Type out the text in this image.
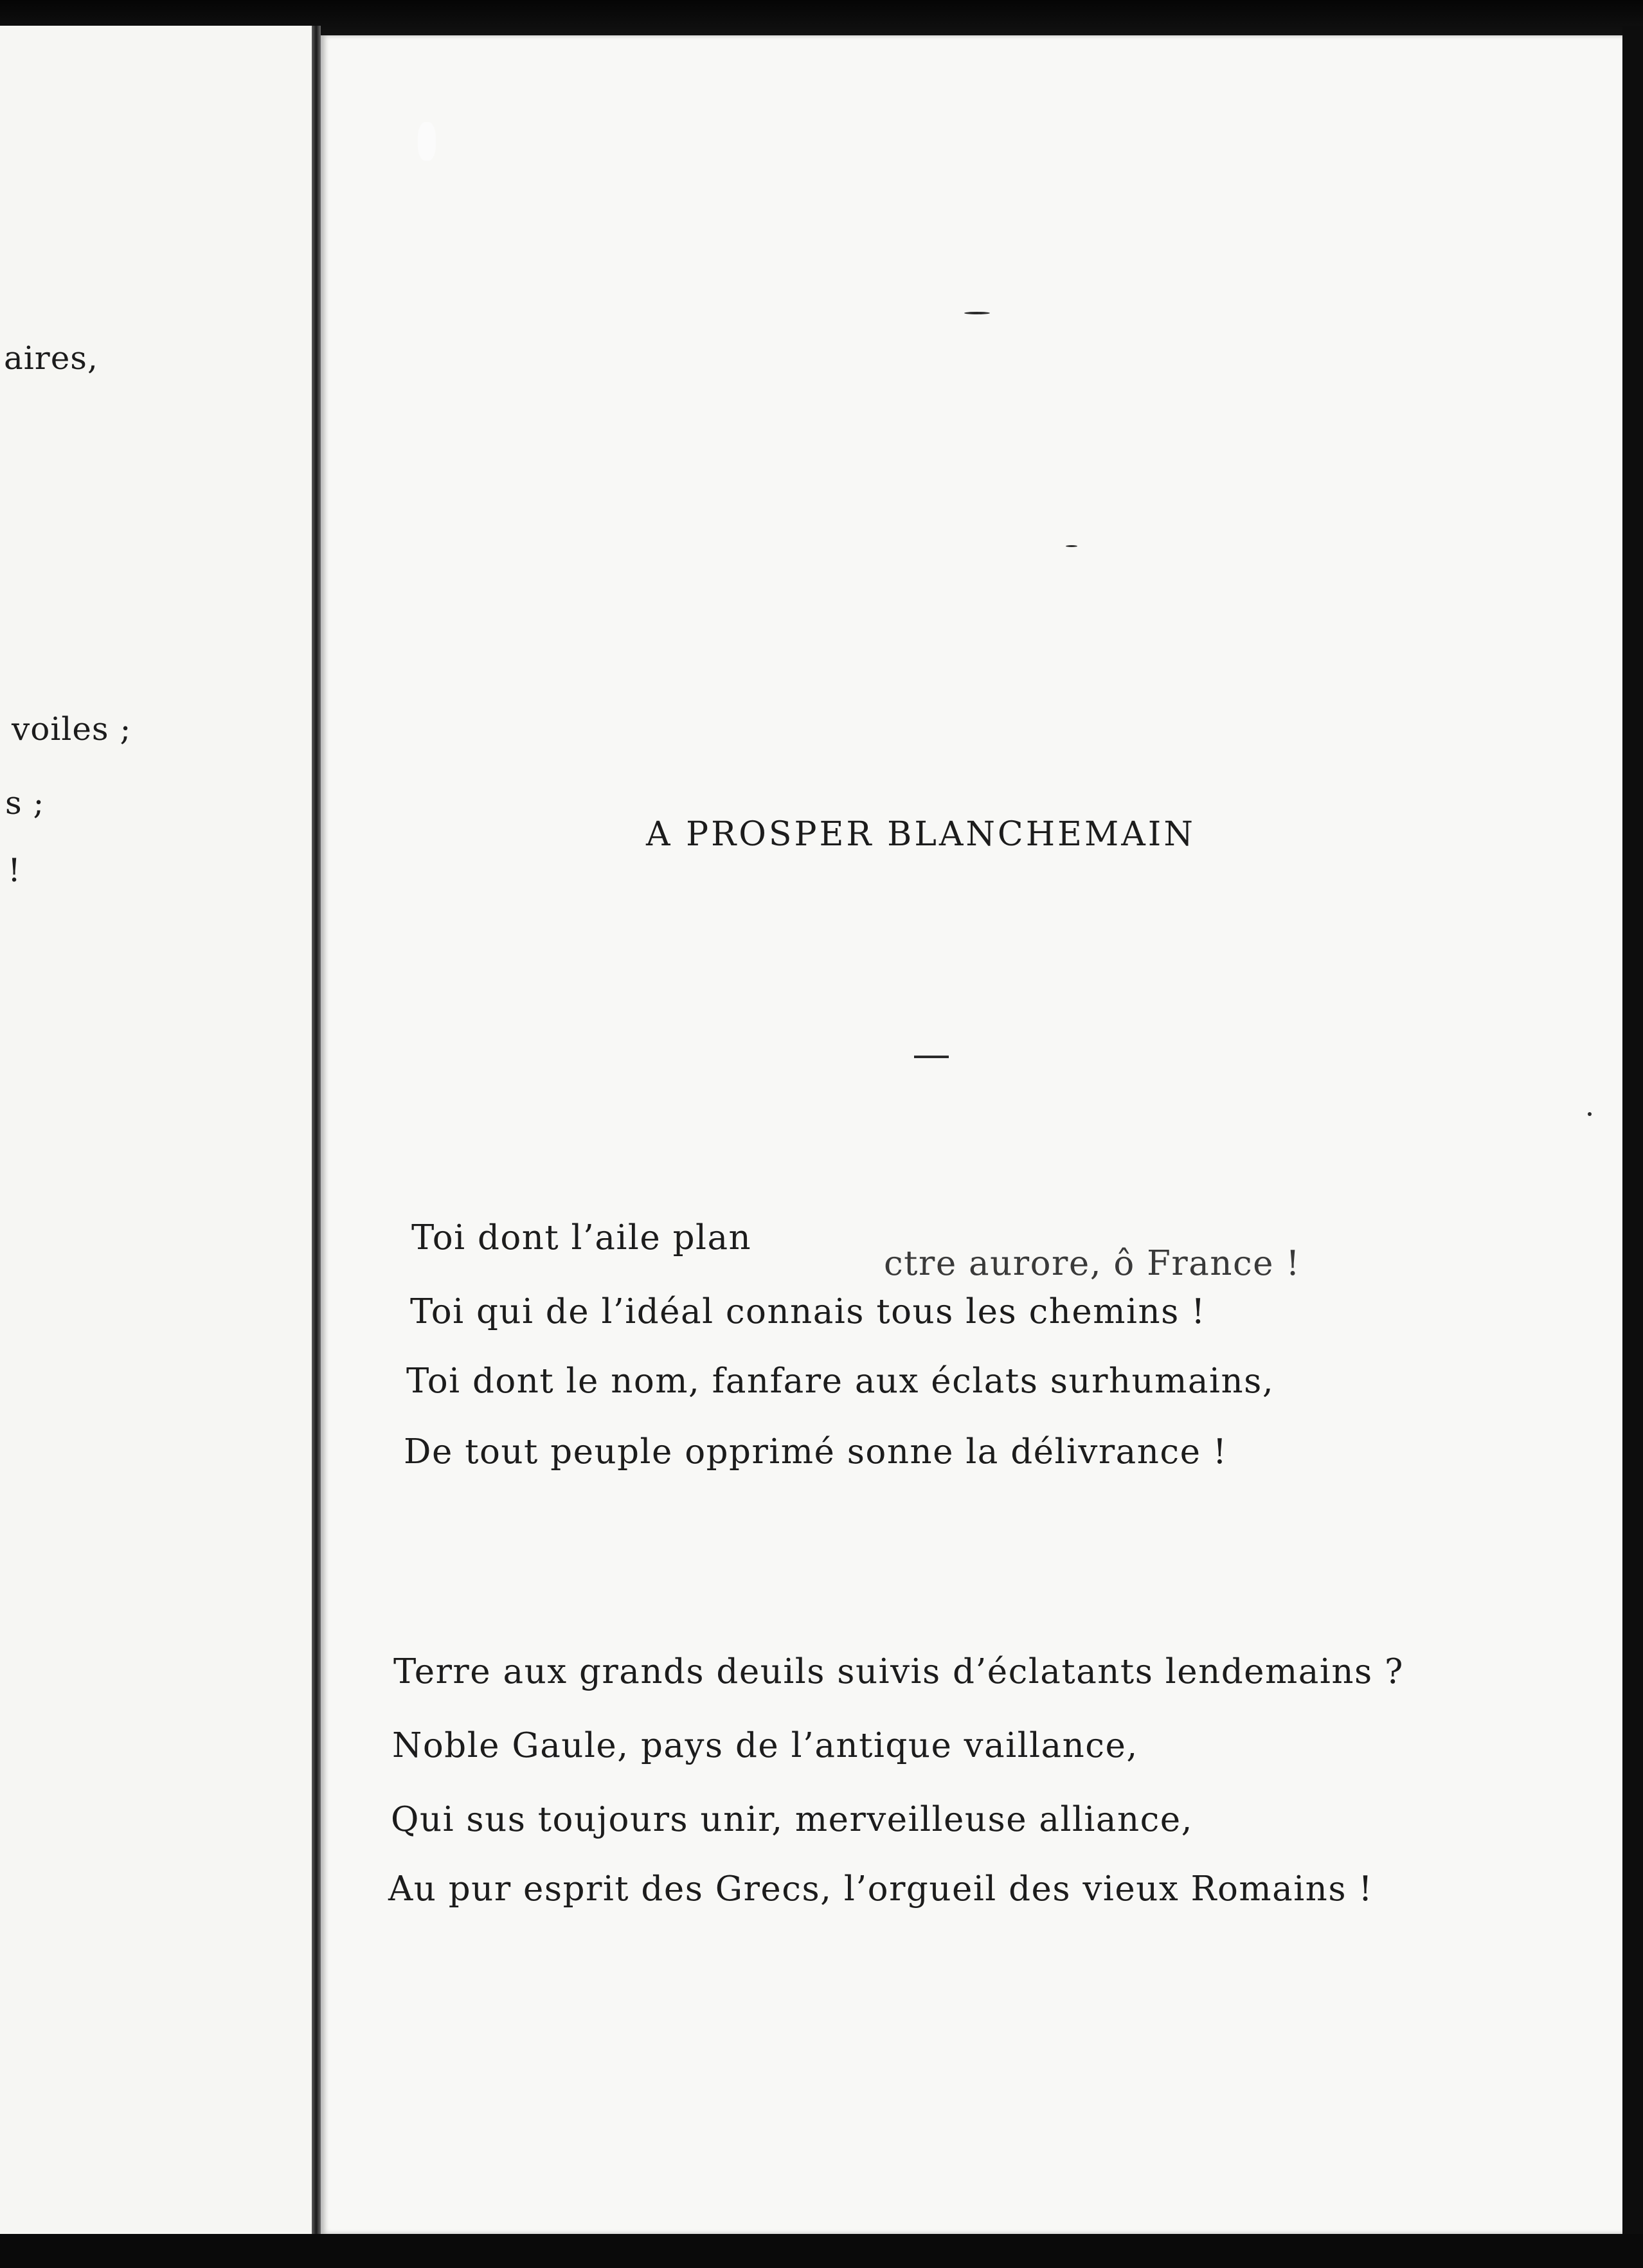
aires,
voiles ;
s ;
!
A PROSPER BLANCHEMAIN
Toi dont l’aile plan
ctre aurore, ô France !
Toi qui de l’idéal connais tous les chemins !
Toi dont le nom, fanfare aux éclats surhumains,
De tout peuple opprimé sonne la délivrance !
Terre aux grands deuils suivis d’éclatants lendemains ?
Noble Gaule, pays de l’antique vaillance,
Qui sus toujours unir, merveilleuse alliance,
Au pur esprit des Grecs, l’orgueil des vieux Romains !
